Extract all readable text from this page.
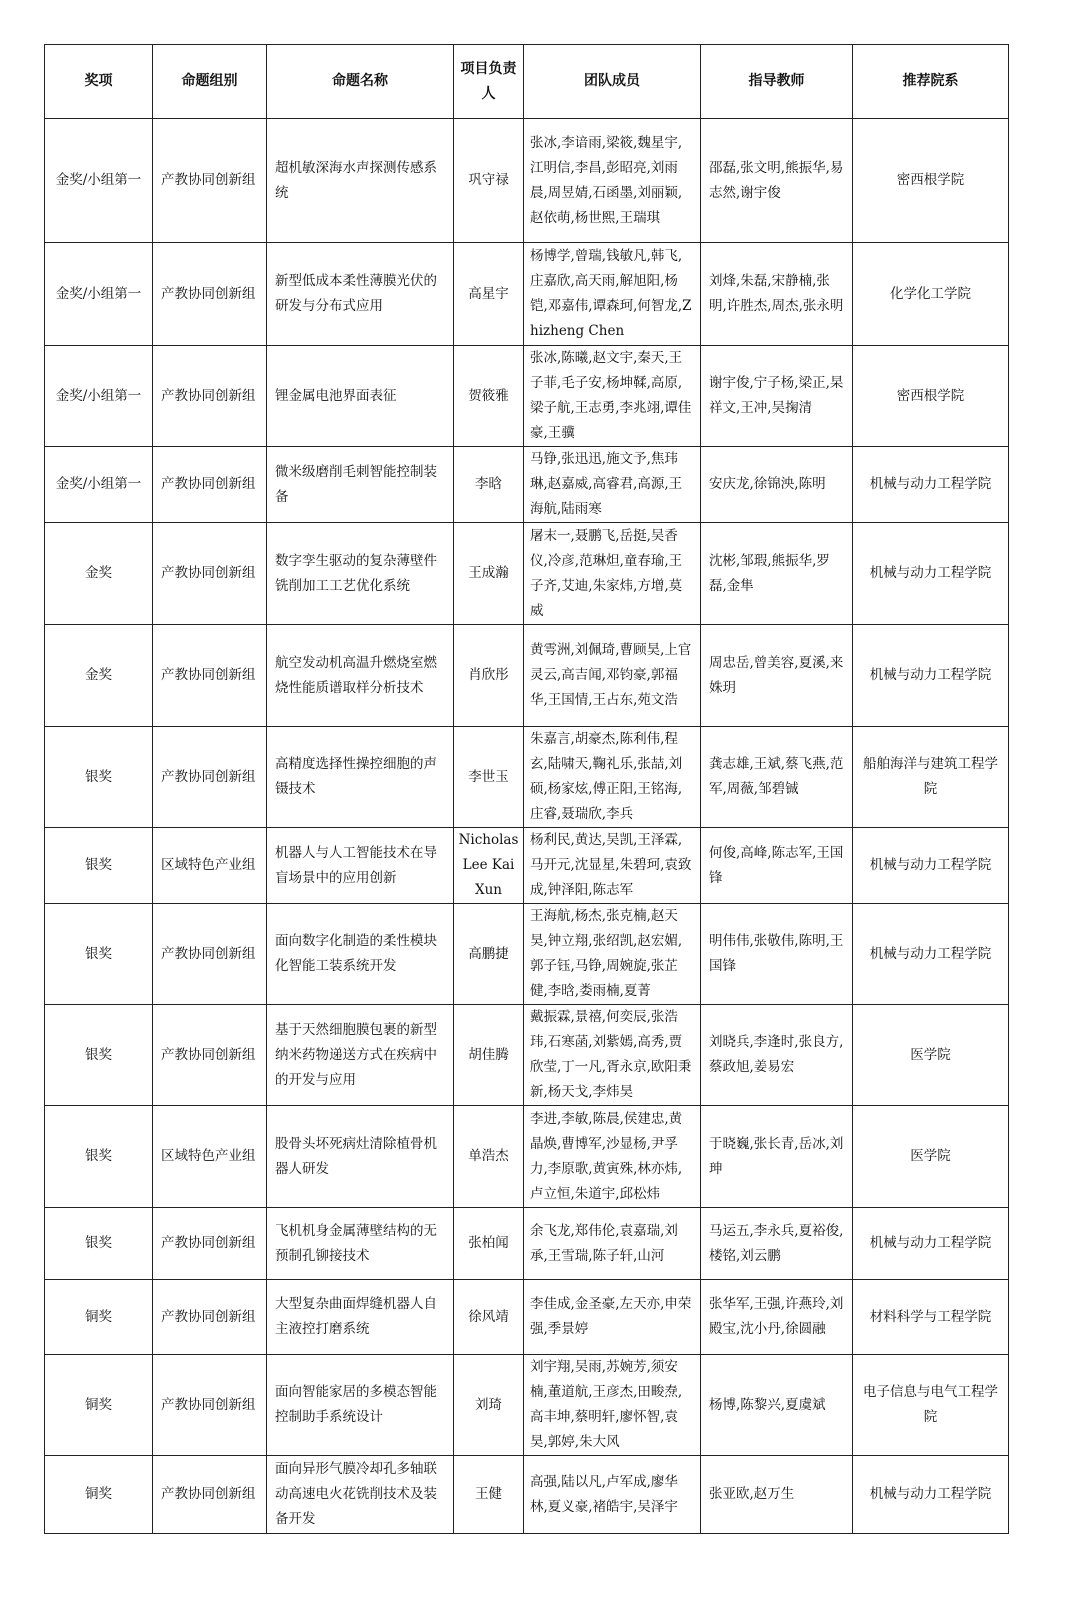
奖项	命题组别	命题名称	项目负责人	团队成员	指导教师	推荐院系
金奖/小组第一	产教协同创新组	超机敏深海水声探测传感系统	巩守禄	张冰,李谙雨,梁筱,魏星宇,江明信,李昌,彭昭亮,刘雨晨,周昱婧,石函墨,刘丽颖,赵依萌,杨世熙,王瑞琪	邵磊,张文明,熊振华,易志然,谢宇俊	密西根学院
金奖/小组第一	产教协同创新组	新型低成本柔性薄膜光伏的研发与分布式应用	高星宇	杨博学,曾瑞,钱敏凡,韩飞,庄嘉欣,高天雨,解旭阳,杨铠,邓嘉伟,谭森珂,何智龙,Zhizheng Chen	刘烽,朱磊,宋静楠,张明,许胜杰,周杰,张永明	化学化工学院
金奖/小组第一	产教协同创新组	锂金属电池界面表征	贺筱雅	张冰,陈曦,赵文宇,秦天,王子菲,毛子安,杨坤鞣,高原,梁子航,王志勇,李兆翊,谭佳豪,王骥	谢宇俊,宁子杨,梁正,杲祥文,王冲,吴掬清	密西根学院
金奖/小组第一	产教协同创新组	微米级磨削毛刺智能控制装备	李晗	马铮,张迅迅,施文予,焦玮琳,赵嘉威,高睿君,高源,王海航,陆雨寒	安庆龙,徐锦泱,陈明	机械与动力工程学院
金奖	产教协同创新组	数字孪生驱动的复杂薄壁件铣削加工工艺优化系统	王成瀚	屠末一,聂鹏飞,岳挺,吴香仪,冷彦,范琳炟,童春瑜,王子齐,艾迪,朱家炜,方增,莫威	沈彬,邹瑕,熊振华,罗磊,金隼	机械与动力工程学院
金奖	产教协同创新组	航空发动机高温升燃烧室燃烧性能质谱取样分析技术	肖欣彤	黄雩洲,刘佩琦,曹顾昊,上官灵云,高吉闻,邓钧豪,郭福华,王国情,王占东,苑文浩	周忠岳,曾美容,夏溪,来姝玥	机械与动力工程学院
银奖	产教协同创新组	高精度选择性操控细胞的声镊技术	李世玉	朱嘉言,胡豪杰,陈利伟,程玄,陆啸天,鞠礼乐,张喆,刘硕,杨家炫,傅正阳,王铭海,庄睿,聂瑞欣,李兵	龚志雄,王斌,蔡飞燕,范军,周薇,邹碧铖	船舶海洋与建筑工程学院
银奖	区域特色产业组	机器人与人工智能技术在导盲场景中的应用创新	Nicholas Lee Kai Xun	杨利民,黄达,吴凯,王泽霖,马开元,沈显星,朱碧珂,袁致成,钟泽阳,陈志军	何俊,高峰,陈志军,王国锋	机械与动力工程学院
银奖	产教协同创新组	面向数字化制造的柔性模块化智能工装系统开发	高鹏捷	王海航,杨杰,张克楠,赵天昊,钟立翔,张绍凯,赵宏媚,郭子钰,马铮,周婉旋,张芷健,李晗,娄雨楠,夏菁	明伟伟,张敬伟,陈明,王国锋	机械与动力工程学院
银奖	产教协同创新组	基于天然细胞膜包裹的新型纳米药物递送方式在疾病中的开发与应用	胡佳腾	戴振霖,景禧,何奕辰,张浩玮,石寒菡,刘紫嫣,高秀,贾欣莹,丁一凡,胥永京,欧阳秉新,杨天戈,李炜昊	刘晓兵,李逢时,张良方,蔡政旭,姜易宏	医学院
银奖	区域特色产业组	股骨头坏死病灶清除植骨机器人研发	单浩杰	李进,李敏,陈晨,侯建忠,黄晶焕,曹博军,沙显杨,尹孚力,李原歌,黄寅殊,林亦炜,卢立恒,朱道宇,邱松炜	于晓巍,张长青,岳冰,刘珅	医学院
银奖	产教协同创新组	飞机机身金属薄壁结构的无预制孔铆接技术	张柏闻	余飞龙,郑伟伦,袁嘉瑞,刘承,王雪瑞,陈子轩,山河	马运五,李永兵,夏裕俊,楼铭,刘云鹏	机械与动力工程学院
铜奖	产教协同创新组	大型复杂曲面焊缝机器人自主液控打磨系统	徐风靖	李佳成,金圣豪,左天亦,申荣强,季景婷	张华军,王强,许燕玲,刘殿宝,沈小丹,徐圆融	材料科学与工程学院
铜奖	产教协同创新组	面向智能家居的多模态智能控制助手系统设计	刘琦	刘宇翔,吴雨,苏婉芳,须安楠,董道航,王彦杰,田畯焘,高丰坤,蔡明轩,廖怀智,袁昊,郭婷,朱大风	杨博,陈黎兴,夏虞斌	电子信息与电气工程学院
铜奖	产教协同创新组	面向异形气膜冷却孔多轴联动高速电火花铣削技术及装备开发	王健	高强,陆以凡,卢军成,廖华林,夏义豪,褚皓宇,吴泽宇	张亚欧,赵万生	机械与动力工程学院
